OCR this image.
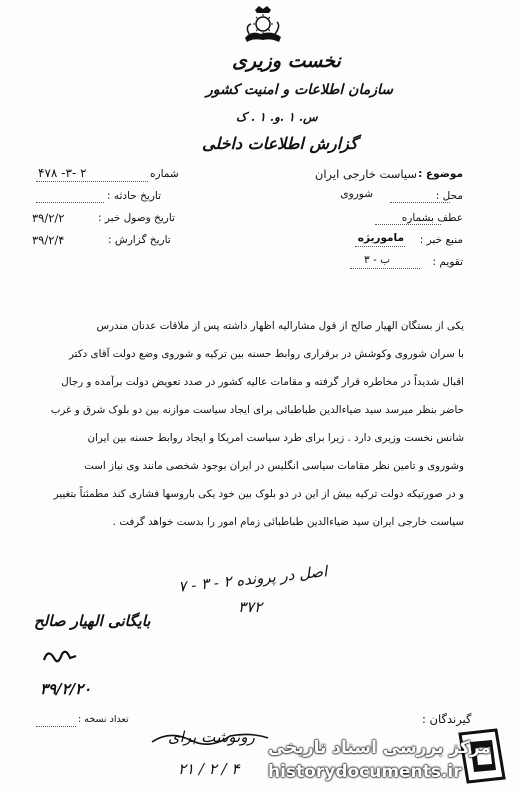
نخست وزیری
سازمان اطلاعات و امنیت کشور
س. ۱ .و. ۱ . ک
گزارش اطلاعات داخلی
موضوع :
سیاست خارجی ایران
محل :
شوروی
عطف بشماره
منبع خبر :
ماموریژه
تقویم :
ب - ۳
شماره
۲ -۳- ۴۷۸
تاریخ حادثه :
تاریخ وصول خبر :
۳۹/۲/۲
تاریخ گزارش :
۳۹/۲/۴
یکی از بستگان الهیار صالح از قول مشارالیه اظهار داشته پس از ملاقات عدنان مندرس
با سران شوروی وکوشش در برقراری روابط حسنه بین ترکیه و شوروی وضع دولت آقای دکتر
اقبال شدیداً در مخاطره قرار گرفته و مقامات عالیه کشور در صدد تعویض دولت برآمده و رجال
حاضر بنظر میرسد سید ضیاءالدین طباطبائی برای ایجاد سیاست موازنه بین دو بلوک شرق و غرب
شانس نخست وزیری دارد . زیرا برای طرد سیاست امریکا و ایجاد روابط حسنه بین ایران
وشوروی و تامین نظر مقامات سیاسی انگلیس در ایران بوجود شخصی مانند وی نیاز است
و در صورتیکه دولت ترکیه بیش از این در دو بلوک بین خود یکی باروسها فشاری کند مطمئناً بتغییر
سیاست خارجی ایران سید ضیاءالدین طباطبائی زمام امور را بدست خواهد گرفت .
اصل در پرونده ۲ - ۳ - ۷
۳۷۲
بایگانی الهیار صالح
۳۹/۲/۲۰
گیرندگان :
تعداد نسخه :
رونوشت برای
۲۱ / ۲ / ۴
مرکز بررسی اسناد تاریخی
historydocuments.ir
